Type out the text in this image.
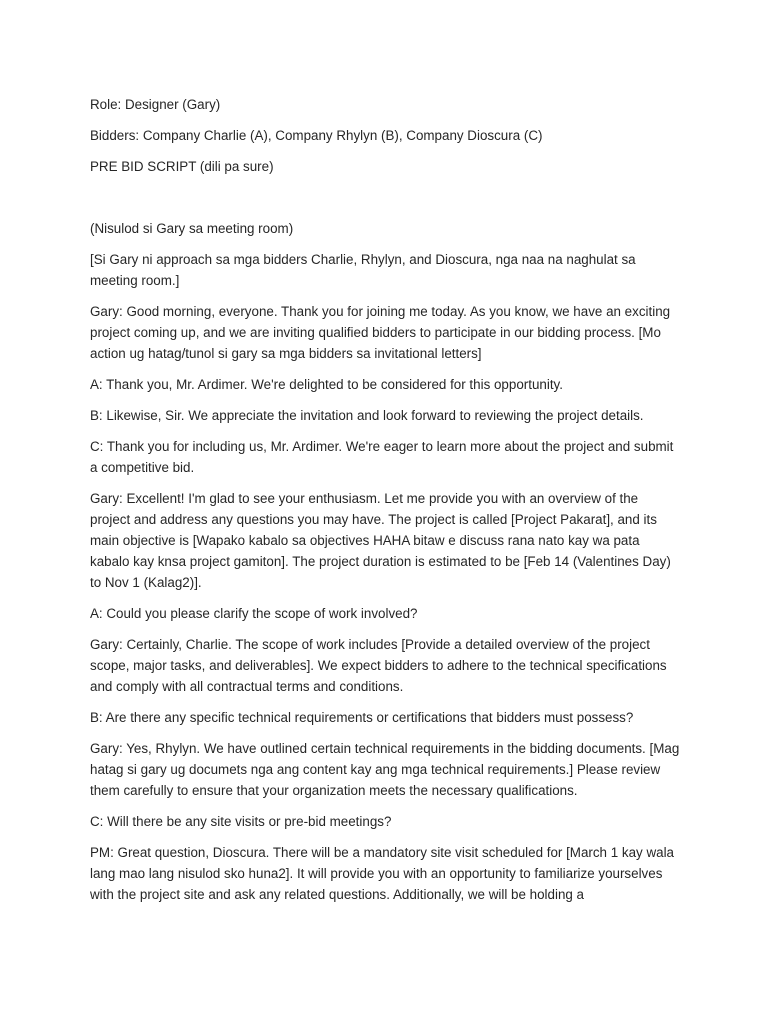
Role: Designer (Gary)

Bidders: Company Charlie (A), Company Rhylyn (B), Company Dioscura (C)

PRE BID SCRIPT (dili pa sure)

(Nisulod si Gary sa meeting room)

[Si Gary ni approach sa mga bidders Charlie, Rhylyn, and Dioscura, nga naa na naghulat sa meeting room.]

Gary: Good morning, everyone. Thank you for joining me today. As you know, we have an exciting project coming up, and we are inviting qualified bidders to participate in our bidding process. [Mo action ug hatag/tunol si gary sa mga bidders sa invitational letters]

A: Thank you, Mr. Ardimer. We're delighted to be considered for this opportunity.

B: Likewise, Sir. We appreciate the invitation and look forward to reviewing the project details.

C: Thank you for including us, Mr. Ardimer. We're eager to learn more about the project and submit a competitive bid.

Gary: Excellent! I'm glad to see your enthusiasm. Let me provide you with an overview of the project and address any questions you may have. The project is called [Project Pakarat], and its main objective is [Wapako kabalo sa objectives HAHA bitaw e discuss rana nato kay wa pata kabalo kay knsa project gamiton]. The project duration is estimated to be [Feb 14 (Valentines Day) to Nov 1 (Kalag2)].

A: Could you please clarify the scope of work involved?

Gary: Certainly, Charlie. The scope of work includes [Provide a detailed overview of the project scope, major tasks, and deliverables]. We expect bidders to adhere to the technical specifications and comply with all contractual terms and conditions.

B: Are there any specific technical requirements or certifications that bidders must possess?

Gary: Yes, Rhylyn. We have outlined certain technical requirements in the bidding documents. [Mag hatag si gary ug documets nga ang content kay ang mga technical requirements.] Please review them carefully to ensure that your organization meets the necessary qualifications.

C: Will there be any site visits or pre-bid meetings?

PM: Great question, Dioscura. There will be a mandatory site visit scheduled for [March 1 kay wala lang mao lang nisulod sko huna2]. It will provide you with an opportunity to familiarize yourselves with the project site and ask any related questions. Additionally, we will be holding a
